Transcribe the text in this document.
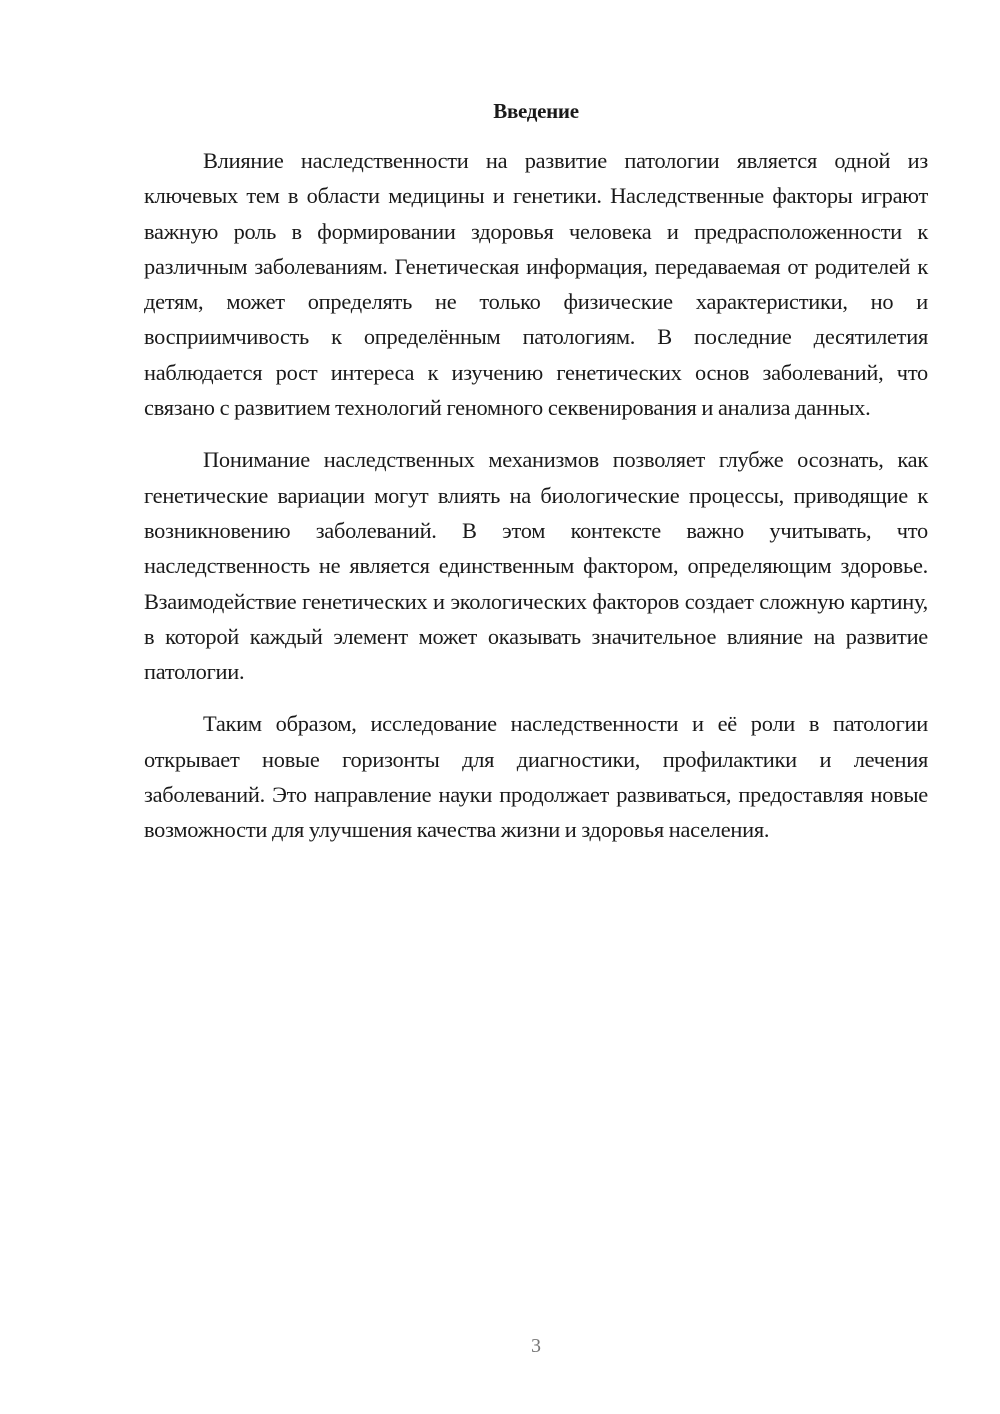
Введение

Влияние наследственности на развитие патологии является одной из ключевых тем в области медицины и генетики. Наследственные факторы играют важную роль в формировании здоровья человека и предрасположенности к различным заболеваниям. Генетическая информация, передаваемая от родителей к детям, может определять не только физические характеристики, но и восприимчивость к определённым патологиям. В последние десятилетия наблюдается рост интереса к изучению генетических основ заболеваний, что связано с развитием технологий геномного секвенирования и анализа данных.

Понимание наследственных механизмов позволяет глубже осознать, как генетические вариации могут влиять на биологические процессы, приводящие к возникновению заболеваний. В этом контексте важно учитывать, что наследственность не является единственным фактором, определяющим здоровье. Взаимодействие генетических и экологических факторов создает сложную картину, в которой каждый элемент может оказывать значительное влияние на развитие патологии.

Таким образом, исследование наследственности и её роли в патологии открывает новые горизонты для диагностики, профилактики и лечения заболеваний. Это направление науки продолжает развиваться, предоставляя новые возможности для улучшения качества жизни и здоровья населения.

3
